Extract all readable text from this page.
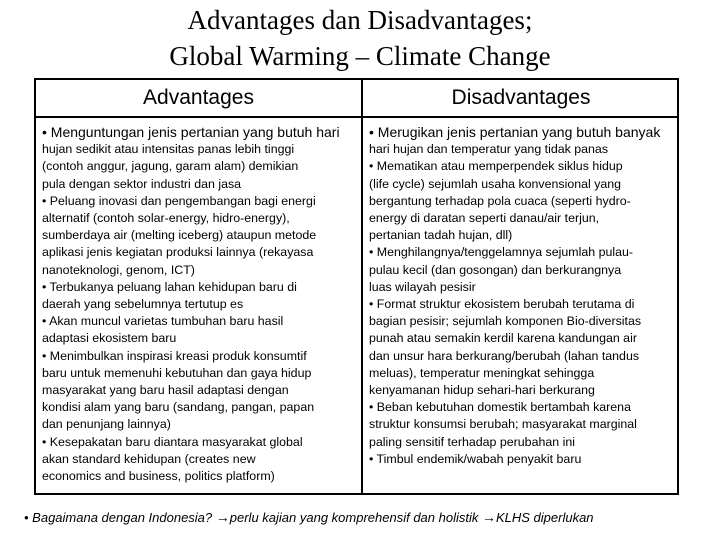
Advantages dan Disadvantages;
Global Warming – Climate Change
Advantages	Disadvantages
• Menguntungan jenis pertanian yang butuh hari
hujan sedikit atau intensitas panas lebih tinggi
(contoh anggur, jagung, garam alam) demikian
pula dengan sektor industri dan jasa
• Peluang inovasi dan pengembangan bagi energi
alternatif (contoh solar-energy, hidro-energy),
sumberdaya air (melting iceberg) ataupun metode
aplikasi jenis kegiatan produksi lainnya (rekayasa
nanoteknologi, genom, ICT)
• Terbukanya peluang lahan kehidupan baru di
daerah yang sebelumnya tertutup es
• Akan muncul varietas tumbuhan baru hasil
adaptasi ekosistem baru
• Menimbulkan inspirasi kreasi produk konsumtif
baru untuk memenuhi kebutuhan dan gaya hidup
masyarakat yang baru hasil adaptasi dengan
kondisi alam yang baru (sandang, pangan, papan
dan penunjang lainnya)
• Kesepakatan baru diantara masyarakat global
akan standard kehidupan (creates new
economics and business, politics platform)
• Merugikan jenis pertanian yang butuh banyak
hari hujan dan temperatur yang tidak panas
• Mematikan atau memperpendek siklus hidup
(life cycle) sejumlah usaha konvensional yang
bergantung terhadap pola cuaca (seperti hydro-
energy di daratan seperti danau/air terjun,
pertanian tadah hujan, dll)
• Menghilangnya/tenggelamnya sejumlah pulau-
pulau kecil (dan gosongan) dan berkurangnya
luas wilayah pesisir
• Format struktur ekosistem berubah terutama di
bagian pesisir; sejumlah komponen Bio-diversitas
punah atau semakin kerdil karena kandungan air
dan unsur hara berkurang/berubah (lahan tandus
meluas), temperatur meningkat sehingga
kenyamanan hidup sehari-hari berkurang
• Beban kebutuhan domestik bertambah karena
struktur konsumsi berubah; masyarakat marginal
paling sensitif terhadap perubahan ini
• Timbul endemik/wabah penyakit baru
• Bagaimana dengan Indonesia? →perlu kajian yang komprehensif dan holistik →KLHS diperlukan
